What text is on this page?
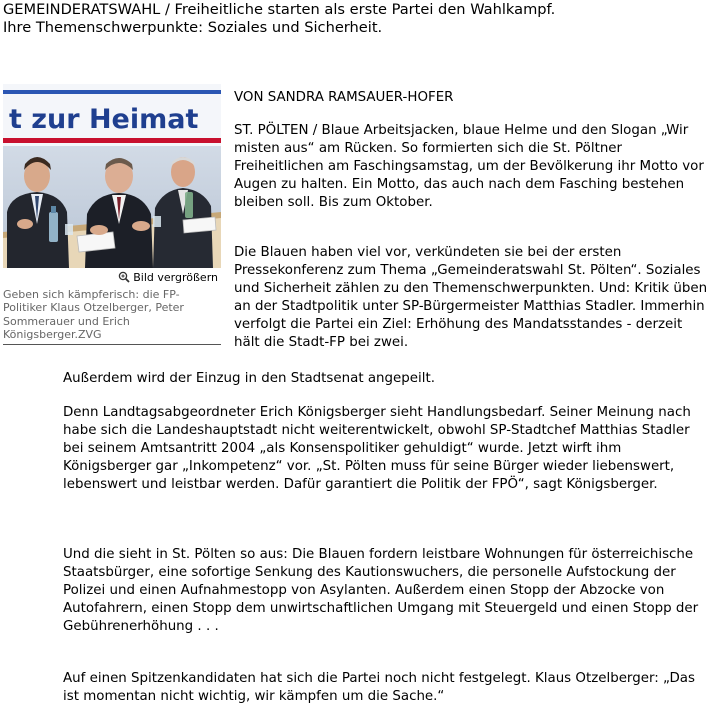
GEMEINDERATSWAHL / Freiheitliche starten als erste Partei den Wahlkampf.
Ihre Themenschwerpunkte: Soziales und Sicherheit.
t zur Heimat
Bild vergrößern

Geben sich kämpferisch: die FP-Politiker Klaus Otzelberger, Peter Sommerauer und Erich Königsberger.ZVG

VON SANDRA RAMSAUER-HOFER

ST. PÖLTEN / Blaue Arbeitsjacken, blaue Helme und den Slogan „Wir misten aus“ am Rücken. So formierten sich die St. Pöltner Freiheitlichen am Faschingsamstag, um der Bevölkerung ihr Motto vor Augen zu halten. Ein Motto, das auch nach dem Fasching bestehen bleiben soll. Bis zum Oktober.

Die Blauen haben viel vor, verkündeten sie bei der ersten Pressekonferenz zum Thema „Gemeinderatswahl St. Pölten“. Soziales und Sicherheit zählen zu den Themenschwerpunkten. Und: Kritik üben an der Stadtpolitik unter SP-Bürgermeister Matthias Stadler. Immerhin verfolgt die Partei ein Ziel: Erhöhung des Mandatsstandes - derzeit hält die Stadt-FP bei zwei.

Außerdem wird der Einzug in den Stadtsenat angepeilt.

Denn Landtagsabgeordneter Erich Königsberger sieht Handlungsbedarf. Seiner Meinung nach habe sich die Landeshauptstadt nicht weiterentwickelt, obwohl SP-Stadtchef Matthias Stadler bei seinem Amtsantritt 2004 „als Konsenspolitiker gehuldigt“ wurde. Jetzt wirft ihm Königsberger gar „Inkompetenz“ vor. „St. Pölten muss für seine Bürger wieder liebenswert, lebenswert und leistbar werden. Dafür garantiert die Politik der FPÖ“, sagt Königsberger.

Und die sieht in St. Pölten so aus: Die Blauen fordern leistbare Wohnungen für österreichische Staatsbürger, eine sofortige Senkung des Kautionswuchers, die personelle Aufstockung der Polizei und einen Aufnahmestopp von Asylanten. Außerdem einen Stopp der Abzocke von Autofahrern, einen Stopp dem unwirtschaftlichen Umgang mit Steuergeld und einen Stopp der Gebührenerhöhung . . .

Auf einen Spitzenkandidaten hat sich die Partei noch nicht festgelegt. Klaus Otzelberger: „Das ist momentan nicht wichtig, wir kämpfen um die Sache.“
